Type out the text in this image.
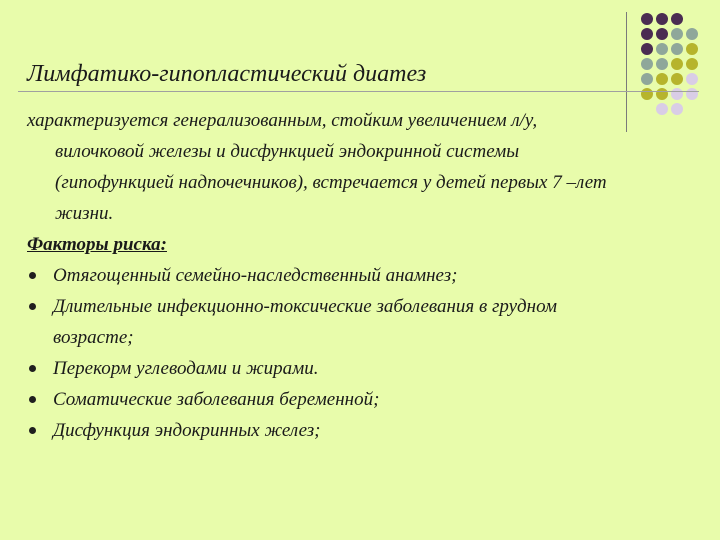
Лимфатико-гипопластический диатез

характеризуется генерализованным, стойким увеличением л/у, вилочковой железы и дисфункцией эндокринной системы (гипофункцией надпочечников), встречается у детей первых 7 –лет жизни.

Факторы риска:

Отягощенный семейно-наследственный анамнез;
Длительные инфекционно-токсические заболевания в грудном возрасте;
Перекорм углеводами и жирами.
Соматические заболевания беременной;
Дисфункция эндокринных желез;
